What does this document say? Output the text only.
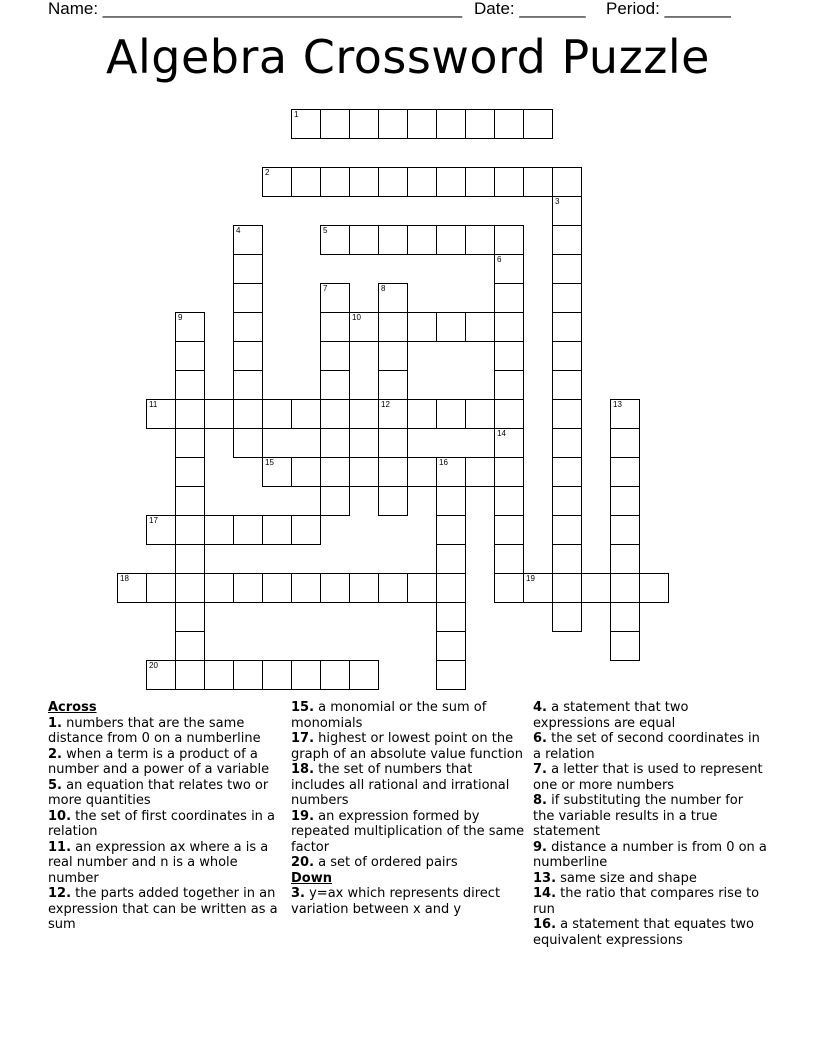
Name: ______________________________________ Date: _______ Period: _______
Algebra Crossword Puzzle
1
2
3
4	5
6
14
7	8
12
9	10
11	13
15	16
17
18	19
20
Across
1. numbers that are the same distance from 0 on a numberline
2. when a term is a product of a number and a power of a variable
5. an equation that relates two or more quantities
10. the set of first coordinates in a relation
11. an expression ax where a is a real number and n is a whole number
12. the parts added together in an expression that can be written as a sum
15. a monomial or the sum of monomials
17. highest or lowest point on the graph of an absolute value function
18. the set of numbers that includes all rational and irrational numbers
19. an expression formed by repeated multiplication of the same factor
20. a set of ordered pairs
Down
3. y=ax which represents direct variation between x and y
4. a statement that two expressions are equal
6. the set of second coordinates in a relation
7. a letter that is used to represent one or more numbers
8. if substituting the number for the variable results in a true statement
9. distance a number is from 0 on a numberline
13. same size and shape
14. the ratio that compares rise to run
16. a statement that equates two equivalent expressions
